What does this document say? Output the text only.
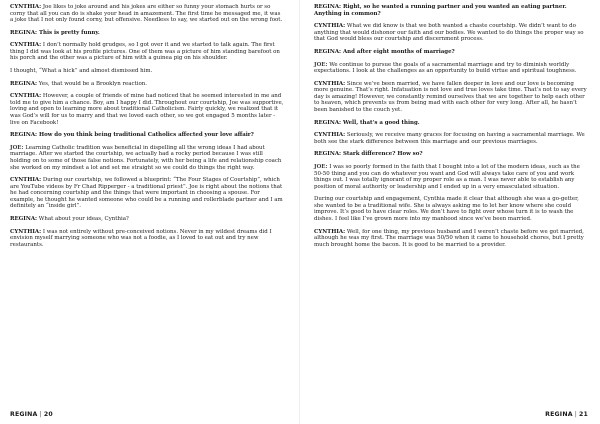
CYNTHIA: Joe likes to joke around and his jokes are either so funny your stomach hurts or so corny that all you can do is shake your head in amazement. The first time he messaged me, it was a joke that I not only found corny, but offensive. Needless to say, we started out on the wrong foot.

REGINA: This is pretty funny.

CYNTHIA: I don’t normally hold grudges, so I got over it and we started to talk again. The first thing I did was look at his profile pictures. One of them was a picture of him standing barefoot on his porch and the other was a picture of him with a guinea pig on his shoulder.

I thought, “What a hick” and almost dismissed him.

REGINA: Yes, that would be a Brooklyn reaction.

CYNTHIA: However, a couple of friends of mine had noticed that he seemed interested in me and told me to give him a chance. Boy, am I happy I did. Throughout our courtship, Joe was supportive, loving and open to learning more about traditional Catholicism. Fairly quickly, we realized that it was God’s will for us to marry and that we loved each other, so we got engaged 5 months later - live on Facebook!

REGINA: How do you think being traditional Catholics affected your love affair?

JOE: Learning Catholic tradition was beneficial in dispelling all the wrong ideas I had about marriage. After we started the courtship, we actually had a rocky period because I was still holding on to some of those false notions. Fortunately, with her being a life and relationship coach she worked on my mindset a lot and set me straight so we could do things the right way.

CYNTHIA: During our courtship, we followed a blueprint: “The Four Stages of Courtship”, which are YouTube videos by Fr Chad Ripperger - a traditional priest”. Joe is right about the notions that he had concerning courtship and the things that were important in choosing a spouse. For example, he thought he wanted someone who could be a running and rollerblade partner and I am definitely an “inside girl”.

REGINA: What about your ideas, Cynthia?

CYNTHIA: I was not entirely without pre-conceived notions. Never in my wildest dreams did I envision myself marrying someone who was not a foodie, as I loved to eat out and try new restaurants.

REGINA | 20

REGINA: Right, so he wanted a running partner and you wanted an eating partner. Anything in common?

CYNTHIA: What we did know is that we both wanted a chaste courtship. We didn’t want to do anything that would dishonor our faith and our bodies. We wanted to do things the proper way so that God would bless our courtship and discernment process.

REGINA: And after eight months of marriage?

JOE: We continue to pursue the goals of a sacramental marriage and try to diminish worldly expectations. I look at the challenges as an opportunity to build virtue and spiritual toughness.

CYNTHIA: Since we’ve been married, we have fallen deeper in love and our love is becoming more genuine. That’s right. Infatuation is not love and true loves take time. That’s not to say every day is amazing! However, we constantly remind ourselves that we are together to help each other to heaven, which prevents us from being mad with each other for very long. After all, he hasn’t been banished to the couch yet.

REGINA: Well, that’s a good thing.

CYNTHIA: Seriously, we receive many graces for focusing on having a sacramental marriage. We both see the stark difference between this marriage and our previous marriages.

REGINA: Stark difference? How so?

JOE: I was so poorly formed in the faith that I bought into a lot of the modern ideas, such as the 50-50 thing and you can do whatever you want and God will always take care of you and work things out. I was totally ignorant of my proper role as a man. I was never able to establish any position of moral authority or leadership and I ended up in a very emasculated situation.

During our courtship and engagement, Cynthia made it clear that although she was a go-getter, she wanted to be a traditional wife. She is always asking me to let her know where she could improve. It’s good to have clear roles. We don’t have to fight over whose turn it is to wash the dishes. I feel like I’ve grown more into my manhood since we’ve been married.

CYNTHIA: Well, for one thing, my previous husband and I weren’t chaste before we got married, although he was my first. The marriage was 50/50 when it came to household chores, but I pretty much brought home the bacon. It is good to be married to a provider.

REGINA | 21
